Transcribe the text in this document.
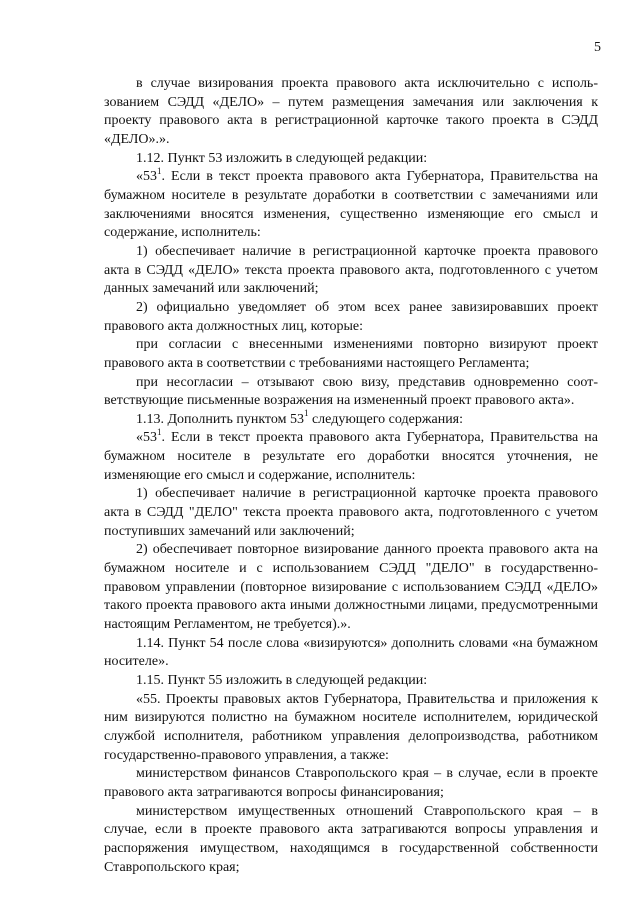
5

в случае визирования проекта правового акта исключительно с использованием СЭДД «ДЕЛО» – путем размещения замечания или заключения к проекту правового акта в регистрационной карточке такого проекта в СЭДД «ДЕЛО».».

1.12. Пункт 53 изложить в следующей редакции:

«$53^1$. Если в текст проекта правового акта Губернатора, Правительства на бумажном носителе в результате доработки в соответствии с замечаниями или заключениями вносятся изменения, существенно изменяющие его смысл и содержание, исполнитель:

1) обеспечивает наличие в регистрационной карточке проекта правового акта в СЭДД «ДЕЛО» текста проекта правового акта, подготовленного с учетом данных замечаний или заключений;

2) официально уведомляет об этом всех ранее завизировавших проект правового акта должностных лиц, которые:

при согласии с внесенными изменениями повторно визируют проект правового акта в соответствии с требованиями настоящего Регламента;

при несогласии – отзывают свою визу, представив одновременно соответствующие письменные возражения на измененный проект правового акта».

1.13. Дополнить пунктом $53^1$ следующего содержания:

«$53^1$. Если в текст проекта правового акта Губернатора, Правительства на бумажном носителе в результате его доработки вносятся уточнения, не изменяющие его смысл и содержание, исполнитель:

1) обеспечивает наличие в регистрационной карточке проекта правового акта в СЭДД "ДЕЛО" текста проекта правового акта, подготовленного с учетом поступивших замечаний или заключений;

2) обеспечивает повторное визирование данного проекта правового акта на бумажном носителе и с использованием СЭДД "ДЕЛО" в государственно-правовом управлении (повторное визирование с использованием СЭДД «ДЕЛО» такого проекта правового акта иными должностными лицами, предусмотренными настоящим Регламентом, не требуется).».

1.14. Пункт 54 после слова «визируются» дополнить словами «на бумажном носителе».

1.15. Пункт 55 изложить в следующей редакции:

«55. Проекты правовых актов Губернатора, Правительства и приложения к ним визируются полистно на бумажном носителе исполнителем, юридической службой исполнителя, работником управления делопроизводства, работником государственно-правового управления, а также:

министерством финансов Ставропольского края – в случае, если в проекте правового акта затрагиваются вопросы финансирования;

министерством имущественных отношений Ставропольского края – в случае, если в проекте правового акта затрагиваются вопросы управления и распоряжения имуществом, находящимся в государственной собственности Ставропольского края;
